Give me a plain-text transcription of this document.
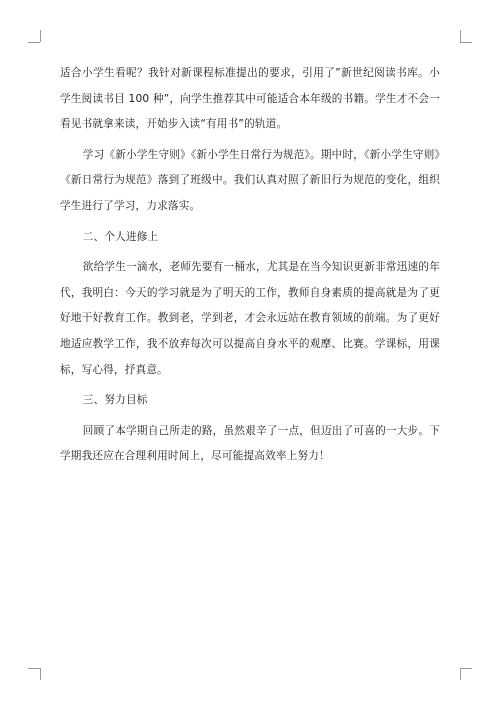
适合小学生看呢？我针对新课程标准提出的要求，引用了”新世纪阅读书库。小学生阅读书目 100 种”，向学生推荐其中可能适合本年级的书籍。学生才不会一看见书就拿来读，开始步入读“有用书”的轨道。

学习《新小学生守则》《新小学生日常行为规范》。期中时，《新小学生守则》《新日常行为规范》落到了班级中。我们认真对照了新旧行为规范的变化，组织学生进行了学习，力求落实。

二、个人进修上

欲给学生一滴水，老师先要有一桶水，尤其是在当今知识更新非常迅速的年代，我明白：今天的学习就是为了明天的工作，教师自身素质的提高就是为了更好地干好教育工作。教到老，学到老，才会永远站在教育领域的前端。为了更好地适应教学工作，我不放弃每次可以提高自身水平的观摩、比赛。学课标，用课标，写心得，抒真意。

三、努力目标

回顾了本学期自己所走的路，虽然艰辛了一点，但迈出了可喜的一大步。下学期我还应在合理利用时间上，尽可能提高效率上努力！
